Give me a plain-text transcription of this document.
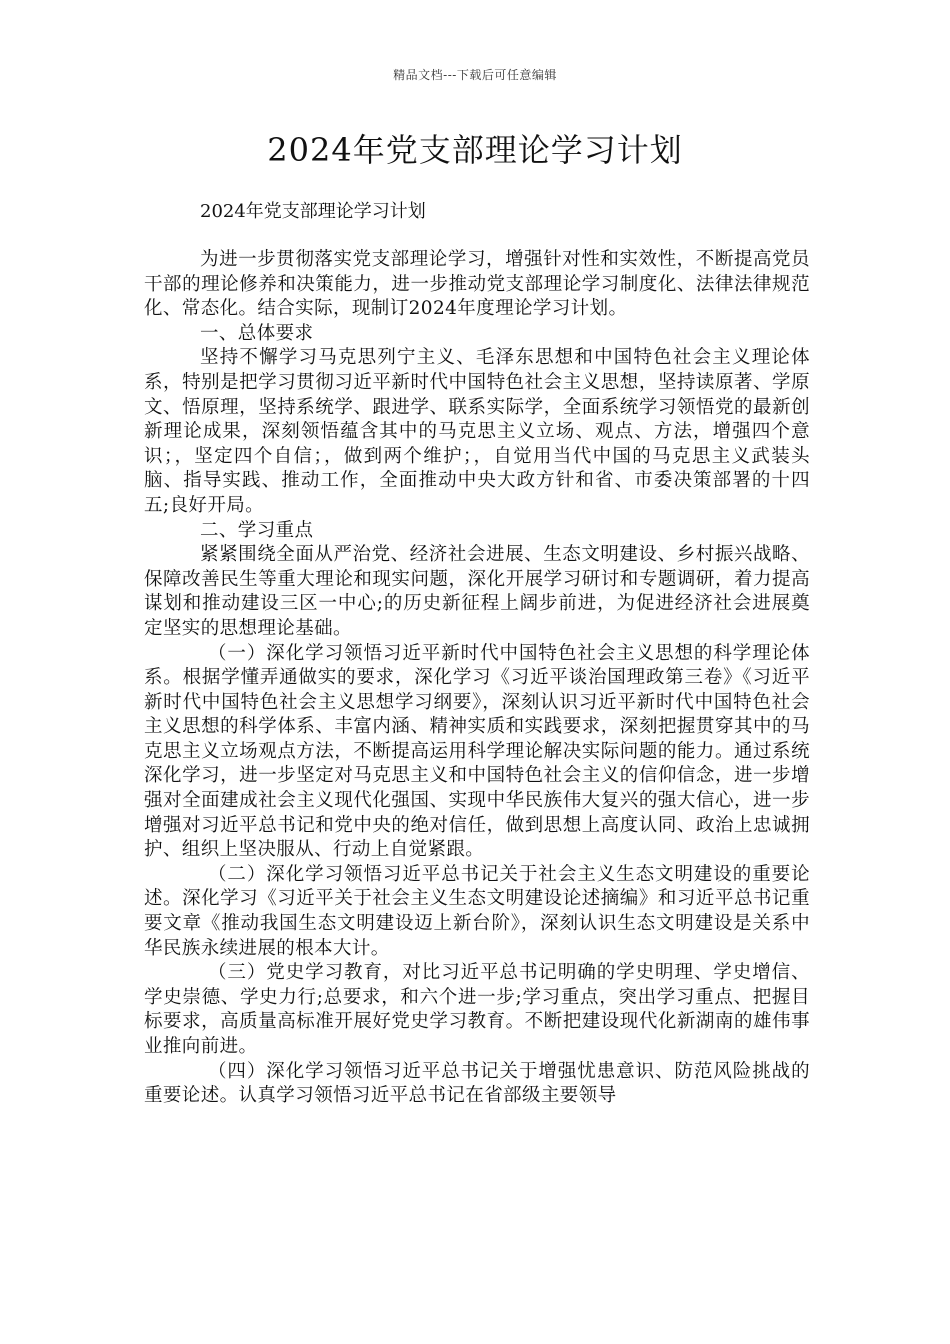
精品文档---下载后可任意编辑
2024年党支部理论学习计划
2024年党支部理论学习计划

为进一步贯彻落实党支部理论学习，增强针对性和实效性，不断提高党员干部的理论修养和决策能力，进一步推动党支部理论学习制度化、法律法律规范化、常态化。结合实际，现制订2024年度理论学习计划。

一、总体要求

坚持不懈学习马克思列宁主义、毛泽东思想和中国特色社会主义理论体系，特别是把学习贯彻习近平新时代中国特色社会主义思想，坚持读原著、学原文、悟原理，坚持系统学、跟进学、联系实际学，全面系统学习领悟党的最新创新理论成果，深刻领悟蕴含其中的马克思主义立场、观点、方法，增强四个意识；，坚定四个自信；，做到两个维护；，自觉用当代中国的马克思主义武装头脑、指导实践、推动工作，全面推动中央大政方针和省、市委决策部署的十四五;良好开局。

二、学习重点

紧紧围绕全面从严治党、经济社会进展、生态文明建设、乡村振兴战略、保障改善民生等重大理论和现实问题，深化开展学习研讨和专题调研，着力提高谋划和推动建设三区一中心;的历史新征程上阔步前进，为促进经济社会进展奠定坚实的思想理论基础。

（一）深化学习领悟习近平新时代中国特色社会主义思想的科学理论体系。根据学懂弄通做实的要求，深化学习《习近平谈治国理政第三卷》《习近平新时代中国特色社会主义思想学习纲要》，深刻认识习近平新时代中国特色社会主义思想的科学体系、丰富内涵、精神实质和实践要求，深刻把握贯穿其中的马克思主义立场观点方法，不断提高运用科学理论解决实际问题的能力。通过系统深化学习，进一步坚定对马克思主义和中国特色社会主义的信仰信念，进一步增强对全面建成社会主义现代化强国、实现中华民族伟大复兴的强大信心，进一步增强对习近平总书记和党中央的绝对信任，做到思想上高度认同、政治上忠诚拥护、组织上坚决服从、行动上自觉紧跟。

（二）深化学习领悟习近平总书记关于社会主义生态文明建设的重要论述。深化学习《习近平关于社会主义生态文明建设论述摘编》和习近平总书记重要文章《推动我国生态文明建设迈上新台阶》，深刻认识生态文明建设是关系中华民族永续进展的根本大计。

（三）党史学习教育，对比习近平总书记明确的学史明理、学史增信、学史崇德、学史力行;总要求，和六个进一步;学习重点，突出学习重点、把握目标要求，高质量高标准开展好党史学习教育。不断把建设现代化新湖南的雄伟事业推向前进。

（四）深化学习领悟习近平总书记关于增强忧患意识、防范风险挑战的重要论述。认真学习领悟习近平总书记在省部级主要领导
